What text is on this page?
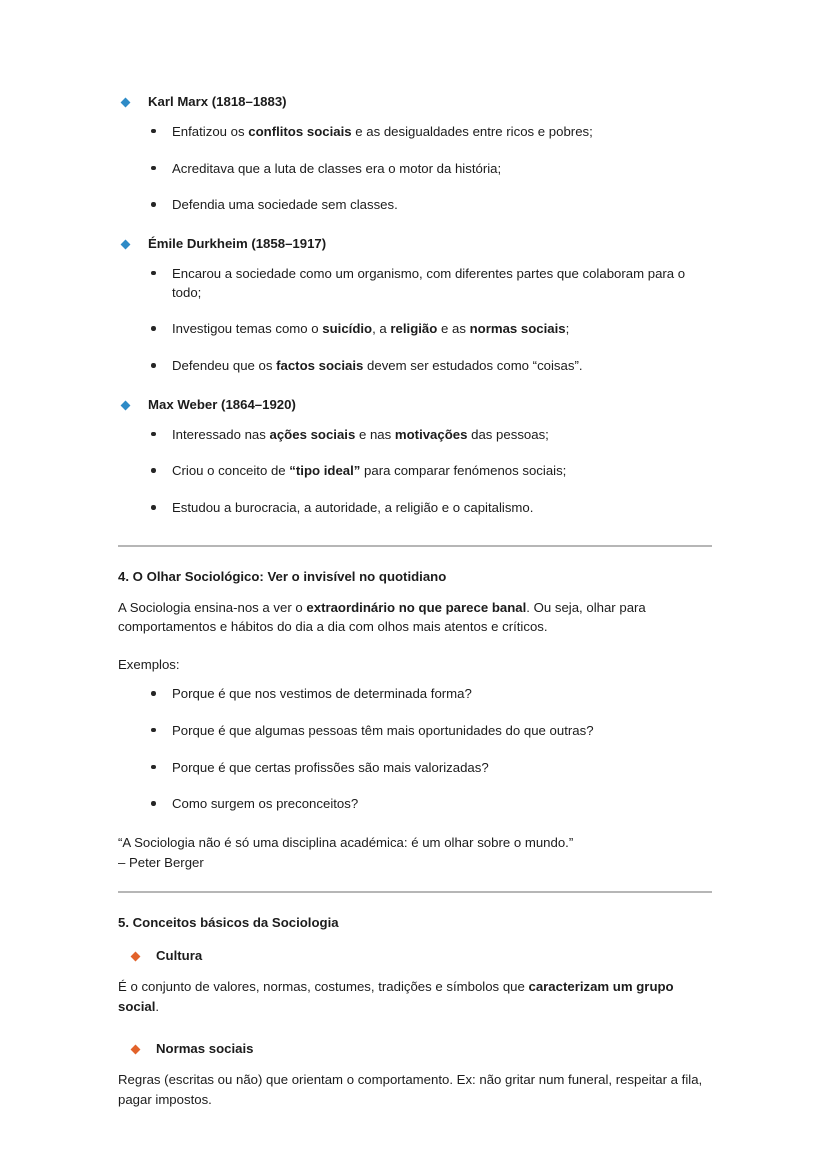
Karl Marx (1818–1883)
Enfatizou os conflitos sociais e as desigualdades entre ricos e pobres;
Acreditava que a luta de classes era o motor da história;
Defendia uma sociedade sem classes.
Émile Durkheim (1858–1917)
Encarou a sociedade como um organismo, com diferentes partes que colaboram para o todo;
Investigou temas como o suicídio, a religião e as normas sociais;
Defendeu que os factos sociais devem ser estudados como “coisas”.
Max Weber (1864–1920)
Interessado nas ações sociais e nas motivações das pessoas;
Criou o conceito de “tipo ideal” para comparar fenómenos sociais;
Estudou a burocracia, a autoridade, a religião e o capitalismo.
4. O Olhar Sociológico: Ver o invisível no quotidiano

A Sociologia ensina-nos a ver o extraordinário no que parece banal. Ou seja, olhar para comportamentos e hábitos do dia a dia com olhos mais atentos e críticos.

Exemplos:

Porque é que nos vestimos de determinada forma?
Porque é que algumas pessoas têm mais oportunidades do que outras?
Porque é que certas profissões são mais valorizadas?
Como surgem os preconceitos?

“A Sociologia não é só uma disciplina académica: é um olhar sobre o mundo.”
– Peter Berger

5. Conceitos básicos da Sociologia
Cultura

É o conjunto de valores, normas, costumes, tradições e símbolos que caracterizam um grupo social.

Normas sociais

Regras (escritas ou não) que orientam o comportamento. Ex: não gritar num funeral, respeitar a fila, pagar impostos.
